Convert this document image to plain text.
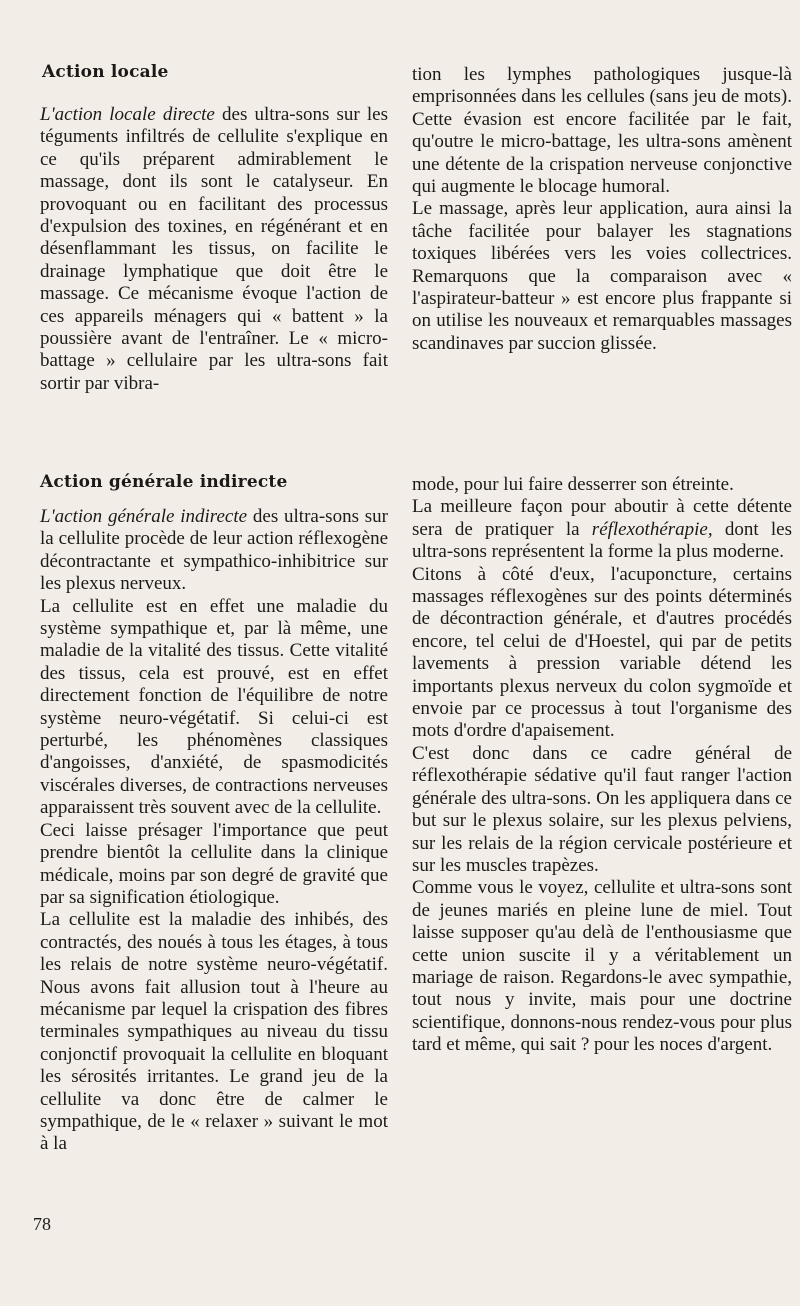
Action locale

L'action locale directe des ultra-sons sur les téguments infiltrés de cellulite s'explique en ce qu'ils préparent admirablement le massage, dont ils sont le catalyseur. En provoquant ou en facilitant des processus d'expulsion des toxines, en régénérant et en désenflammant les tissus, on facilite le drainage lymphatique que doit être le massage. Ce mécanisme évoque l'action de ces appareils ménagers qui « battent » la poussière avant de l'entraîner. Le « micro-battage » cellulaire par les ultra-sons fait sortir par vibra-

tion les lymphes pathologiques jusque-là emprisonnées dans les cellules (sans jeu de mots). Cette évasion est encore facilitée par le fait, qu'outre le micro-battage, les ultra-sons amènent une détente de la crispation nerveuse conjonctive qui augmente le blocage humoral.

Le massage, après leur application, aura ainsi la tâche facilitée pour balayer les stagnations toxiques libérées vers les voies collectrices. Remarquons que la comparaison avec « l'aspirateur-batteur » est encore plus frappante si on utilise les nouveaux et remarquables massages scandinaves par succion glissée.

Action générale indirecte

L'action générale indirecte des ultra-sons sur la cellulite procède de leur action réflexogène décontractante et sympathico-inhibitrice sur les plexus nerveux.

La cellulite est en effet une maladie du système sympathique et, par là même, une maladie de la vitalité des tissus. Cette vitalité des tissus, cela est prouvé, est en effet directement fonction de l'équilibre de notre système neuro-végétatif. Si celui-ci est perturbé, les phénomènes classiques d'angoisses, d'anxiété, de spasmodicités viscérales diverses, de contractions nerveuses apparaissent très souvent avec de la cellulite.

Ceci laisse présager l'importance que peut prendre bientôt la cellulite dans la clinique médicale, moins par son degré de gravité que par sa signification étiologique.

La cellulite est la maladie des inhibés, des contractés, des noués à tous les étages, à tous les relais de notre système neuro-végétatif. Nous avons fait allusion tout à l'heure au mécanisme par lequel la crispation des fibres terminales sympathiques au niveau du tissu conjonctif provoquait la cellulite en bloquant les sérosités irritantes. Le grand jeu de la cellulite va donc être de calmer le sympathique, de le « relaxer » suivant le mot à la

mode, pour lui faire desserrer son étreinte.

La meilleure façon pour aboutir à cette détente sera de pratiquer la réflexothérapie, dont les ultra-sons représentent la forme la plus moderne.

Citons à côté d'eux, l'acuponcture, certains massages réflexogènes sur des points déterminés de décontraction générale, et d'autres procédés encore, tel celui de d'Hoestel, qui par de petits lavements à pression variable détend les importants plexus nerveux du colon sygmoïde et envoie par ce processus à tout l'organisme des mots d'ordre d'apaisement.

C'est donc dans ce cadre général de réflexothérapie sédative qu'il faut ranger l'action générale des ultra-sons. On les appliquera dans ce but sur le plexus solaire, sur les plexus pelviens, sur les relais de la région cervicale postérieure et sur les muscles trapèzes.

Comme vous le voyez, cellulite et ultra-sons sont de jeunes mariés en pleine lune de miel. Tout laisse supposer qu'au delà de l'enthousiasme que cette union suscite il y a véritablement un mariage de raison. Regardons-le avec sympathie, tout nous y invite, mais pour une doctrine scientifique, donnons-nous rendez-vous pour plus tard et même, qui sait ? pour les noces d'argent.

78
